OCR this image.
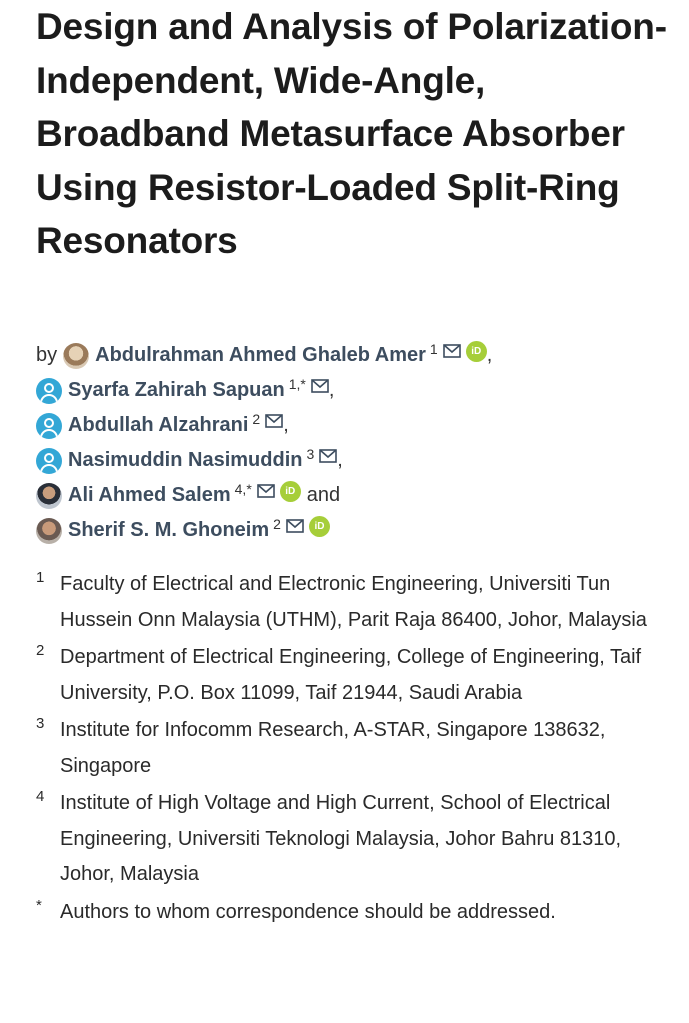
Design and Analysis of Polarization-Independent, Wide-Angle, Broadband Metasurface Absorber Using Resistor-Loaded Split-Ring Resonators
by Abdulrahman Ahmed Ghaleb Amer 1	iD ,
Syarfa Zahirah Sapuan 1,* ,
Abdullah Alzahrani 2 ,
Nasimuddin Nasimuddin 3 ,
Ali Ahmed Salem 4,*	iD and
Sherif S. M. Ghoneim 2	iD
1 Faculty of Electrical and Electronic Engineering, Universiti Tun Hussein Onn Malaysia (UTHM), Parit Raja 86400, Johor, Malaysia
2 Department of Electrical Engineering, College of Engineering, Taif University, P.O. Box 11099, Taif 21944, Saudi Arabia
3 Institute for Infocomm Research, A-STAR, Singapore 138632, Singapore
4 Institute of High Voltage and High Current, School of Electrical Engineering, Universiti Teknologi Malaysia, Johor Bahru 81310, Johor, Malaysia
* Authors to whom correspondence should be addressed.
